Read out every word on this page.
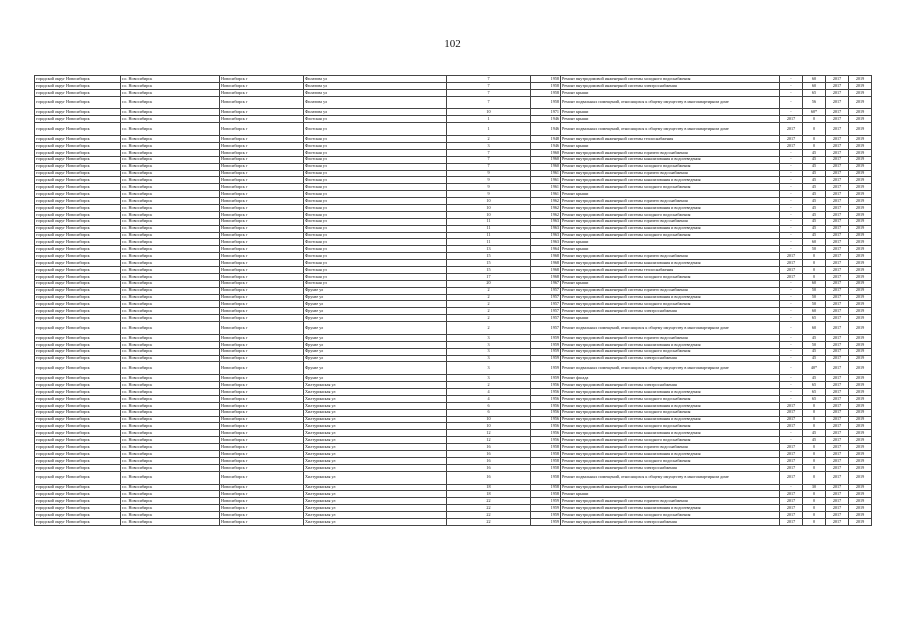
102
городской округ Новосибирск	г.о. Новосибирск	Новосибирск г	Филатова ул	7	1958	Ремонт внутридомовой инженерной системы холодного водоснабжения	-	60	2017	2019
городской округ Новосибирск	г.о. Новосибирск	Новосибирск г	Филатова ул	7	1958	Ремонт внутридомовой инженерной системы электроснабжения	-	60	2017	2019
городской округ Новосибирск	г.о. Новосибирск	Новосибирск г	Филатова ул	7	1958	Ремонт крыши	-	65	2017	2019
городской округ Новосибирск	г.о. Новосибирск	Новосибирск г	Филатова ул	7	1958	Ремонт подвальных помещений, относящихся к общему имуществу в многоквартирном доме	-	56	2017	2019
городской округ Новосибирск	г.о. Новосибирск	Новосибирск г	Филатова ул	10	1971	Ремонт крыши	-	60*	2017	2019
городской округ Новосибирск	г.о. Новосибирск	Новосибирск г	Флотская ул	1	1946	Ремонт крыши	2017	0	2017	2019
городской округ Новосибирск	г.о. Новосибирск	Новосибирск г	Флотская ул	1	1946	Ремонт подвальных помещений, относящихся к общему имуществу в многоквартирном доме	2017	0	2017	2019
городской округ Новосибирск	г.о. Новосибирск	Новосибирск г	Флотская ул	2	1948	Ремонт внутридомовой инженерной системы теплоснабжения	2017	0	2017	2019
городской округ Новосибирск	г.о. Новосибирск	Новосибирск г	Флотская ул	3	1946	Ремонт крыши	2017	0	2017	2019
городской округ Новосибирск	г.о. Новосибирск	Новосибирск г	Флотская ул	7	1960	Ремонт внутридомовой инженерной системы горячего водоснабжения	-	45	2017	2019
городской округ Новосибирск	г.о. Новосибирск	Новосибирск г	Флотская ул	7	1960	Ремонт внутридомовой инженерной системы канализования и водоотведения	-	45	2017	2019
городской округ Новосибирск	г.о. Новосибирск	Новосибирск г	Флотская ул	7	1960	Ремонт внутридомовой инженерной системы холодного водоснабжения	-	45	2017	2019
городской округ Новосибирск	г.о. Новосибирск	Новосибирск г	Флотская ул	9	1961	Ремонт внутридомовой инженерной системы горячего водоснабжения	-	45	2017	2019
городской округ Новосибирск	г.о. Новосибирск	Новосибирск г	Флотская ул	9	1961	Ремонт внутридомовой инженерной системы канализования и водоотведения	-	45	2017	2019
городской округ Новосибирск	г.о. Новосибирск	Новосибирск г	Флотская ул	9	1961	Ремонт внутридомовой инженерной системы холодного водоснабжения	-	45	2017	2019
городской округ Новосибирск	г.о. Новосибирск	Новосибирск г	Флотская ул	9	1961	Ремонт крыши	-	45	2017	2019
городской округ Новосибирск	г.о. Новосибирск	Новосибирск г	Флотская ул	10	1962	Ремонт внутридомовой инженерной системы горячего водоснабжения	-	45	2017	2019
городской округ Новосибирск	г.о. Новосибирск	Новосибирск г	Флотская ул	10	1962	Ремонт внутридомовой инженерной системы канализования и водоотведения	-	45	2017	2019
городской округ Новосибирск	г.о. Новосибирск	Новосибирск г	Флотская ул	10	1962	Ремонт внутридомовой инженерной системы холодного водоснабжения	-	45	2017	2019
городской округ Новосибирск	г.о. Новосибирск	Новосибирск г	Флотская ул	11	1963	Ремонт внутридомовой инженерной системы горячего водоснабжения	-	45	2017	2019
городской округ Новосибирск	г.о. Новосибирск	Новосибирск г	Флотская ул	11	1963	Ремонт внутридомовой инженерной системы канализования и водоотведения	-	45	2017	2019
городской округ Новосибирск	г.о. Новосибирск	Новосибирск г	Флотская ул	11	1963	Ремонт внутридомовой инженерной системы холодного водоснабжения	-	45	2017	2019
городской округ Новосибирск	г.о. Новосибирск	Новосибирск г	Флотская ул	11	1963	Ремонт крыши	-	60	2017	2019
городской округ Новосибирск	г.о. Новосибирск	Новосибирск г	Флотская ул	13	1964	Ремонт крыши	-	50	2017	2019
городской округ Новосибирск	г.о. Новосибирск	Новосибирск г	Флотская ул	15	1968	Ремонт внутридомовой инженерной системы горячего водоснабжения	2017	0	2017	2019
городской округ Новосибирск	г.о. Новосибирск	Новосибирск г	Флотская ул	15	1968	Ремонт внутридомовой инженерной системы канализования и водоотведения	2017	0	2017	2019
городской округ Новосибирск	г.о. Новосибирск	Новосибирск г	Флотская ул	15	1968	Ремонт внутридомовой инженерной системы теплоснабжения	2017	0	2017	2019
городской округ Новосибирск	г.о. Новосибирск	Новосибирск г	Флотская ул	17	1968	Ремонт внутридомовой инженерной системы холодного водоснабжения	2017	0	2017	2019
городской округ Новосибирск	г.о. Новосибирск	Новосибирск г	Флотская ул	20	1967	Ремонт крыши	-	60	2017	2019
городской округ Новосибирск	г.о. Новосибирск	Новосибирск г	Фрунзе ул	2	1957	Ремонт внутридомовой инженерной системы горячего водоснабжения	-	50	2017	2019
городской округ Новосибирск	г.о. Новосибирск	Новосибирск г	Фрунзе ул	2	1957	Ремонт внутридомовой инженерной системы канализования и водоотведения	-	50	2017	2019
городской округ Новосибирск	г.о. Новосибирск	Новосибирск г	Фрунзе ул	2	1957	Ремонт внутридомовой инженерной системы холодного водоснабжения	-	50	2017	2019
городской округ Новосибирск	г.о. Новосибирск	Новосибирск г	Фрунзе ул	2	1957	Ремонт внутридомовой инженерной системы электроснабжения	-	60	2017	2019
городской округ Новосибирск	г.о. Новосибирск	Новосибирск г	Фрунзе ул	2	1957	Ремонт крыши	-	65	2017	2019
городской округ Новосибирск	г.о. Новосибирск	Новосибирск г	Фрунзе ул	2	1957	Ремонт подвальных помещений, относящихся к общему имуществу в многоквартирном доме	-	60	2017	2019
городской округ Новосибирск	г.о. Новосибирск	Новосибирск г	Фрунзе ул	3	1959	Ремонт внутридомовой инженерной системы горячего водоснабжения	-	45	2017	2019
городской округ Новосибирск	г.о. Новосибирск	Новосибирск г	Фрунзе ул	3	1959	Ремонт внутридомовой инженерной системы канализования и водоотведения	-	50	2017	2019
городской округ Новосибирск	г.о. Новосибирск	Новосибирск г	Фрунзе ул	3	1959	Ремонт внутридомовой инженерной системы холодного водоснабжения	-	45	2017	2019
городской округ Новосибирск	г.о. Новосибирск	Новосибирск г	Фрунзе ул	3	1959	Ремонт внутридомовой инженерной системы электроснабжения	-	45	2017	2019
городской округ Новосибирск	г.о. Новосибирск	Новосибирск г	Фрунзе ул	3	1959	Ремонт подвальных помещений, относящихся к общему имуществу в многоквартирном доме	-	40*	2017	2019
городской округ Новосибирск	г.о. Новосибирск	Новосибирск г	Фрунзе ул	3	1959	Ремонт фасада	-	45	2017	2019
городской округ Новосибирск	г.о. Новосибирск	Новосибирск г	Хилтуринская ул	2	1956	Ремонт внутридомовой инженерной системы электроснабжения	-	65	2017	2019
городской округ Новосибирск	г.о. Новосибирск	Новосибирск г	Хилтуринская ул	4	1956	Ремонт внутридомовой инженерной системы канализования и водоотведения	-	65	2017	2019
городской округ Новосибирск	г.о. Новосибирск	Новосибирск г	Хилтуринская ул	4	1956	Ремонт внутридомовой инженерной системы холодного водоснабжения	-	65	2017	2019
городской округ Новосибирск	г.о. Новосибирск	Новосибирск г	Хилтуринская ул	6	1956	Ремонт внутридомовой инженерной системы канализования и водоотведения	2017	0	2017	2019
городской округ Новосибирск	г.о. Новосибирск	Новосибирск г	Хилтуринская ул	6	1956	Ремонт внутридомовой инженерной системы холодного водоснабжения	2017	0	2017	2019
городской округ Новосибирск	г.о. Новосибирск	Новосибирск г	Хилтуринская ул	10	1956	Ремонт внутридомовой инженерной системы канализования и водоотведения	2017	0	2017	2019
городской округ Новосибирск	г.о. Новосибирск	Новосибирск г	Хилтуринская ул	10	1956	Ремонт внутридомовой инженерной системы холодного водоснабжения	2017	0	2017	2019
городской округ Новосибирск	г.о. Новосибирск	Новосибирск г	Хилтуринская ул	12	1956	Ремонт внутридомовой инженерной системы канализования и водоотведения	-	45	2017	2019
городской округ Новосибирск	г.о. Новосибирск	Новосибирск г	Хилтуринская ул	12	1956	Ремонт внутридомовой инженерной системы холодного водоснабжения	-	45	2017	2019
городской округ Новосибирск	г.о. Новосибирск	Новосибирск г	Хилтуринская ул	16	1958	Ремонт внутридомовой инженерной системы горячего водоснабжения	2017	0	2017	2019
городской округ Новосибирск	г.о. Новосибирск	Новосибирск г	Хилтуринская ул	16	1958	Ремонт внутридомовой инженерной системы канализования и водоотведения	2017	0	2017	2019
городской округ Новосибирск	г.о. Новосибирск	Новосибирск г	Хилтуринская ул	16	1958	Ремонт внутридомовой инженерной системы холодного водоснабжения	2017	0	2017	2019
городской округ Новосибирск	г.о. Новосибирск	Новосибирск г	Хилтуринская ул	16	1958	Ремонт внутридомовой инженерной системы электроснабжения	2017	0	2017	2019
городской округ Новосибирск	г.о. Новосибирск	Новосибирск г	Хилтуринская ул	16	1958	Ремонт подвальных помещений, относящихся к общему имуществу в многоквартирном доме	2017	0	2017	2019
городской округ Новосибирск	г.о. Новосибирск	Новосибирск г	Хилтуринская ул	18	1958	Ремонт внутридомовой инженерной системы электроснабжения	-	30	2017	2019
городской округ Новосибирск	г.о. Новосибирск	Новосибирск г	Хилтуринская ул	18	1958	Ремонт крыши	2017	0	2017	2019
городской округ Новосибирск	г.о. Новосибирск	Новосибирск г	Хилтуринская ул	22	1959	Ремонт внутридомовой инженерной системы горячего водоснабжения	2017	0	2017	2019
городской округ Новосибирск	г.о. Новосибирск	Новосибирск г	Хилтуринская ул	22	1959	Ремонт внутридомовой инженерной системы канализования и водоотведения	2017	0	2017	2019
городской округ Новосибирск	г.о. Новосибирск	Новосибирск г	Хилтуринская ул	22	1959	Ремонт внутридомовой инженерной системы холодного водоснабжения	2017	0	2017	2019
городской округ Новосибирск	г.о. Новосибирск	Новосибирск г	Хилтуринская ул	22	1959	Ремонт внутридомовой инженерной системы электроснабжения	2017	0	2017	2019
